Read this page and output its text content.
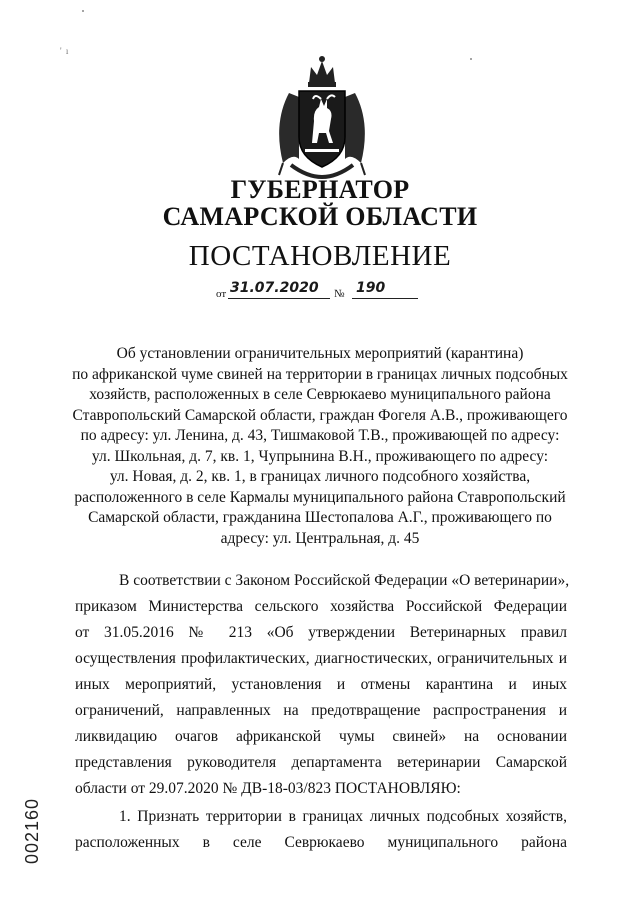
' ı
ГУБЕРНАТОР
САМАРСКОЙ ОБЛАСТИ
ПОСТАНОВЛЕНИЕ
от 31.07.2020 № 190
Об установлении ограничительных мероприятий (карантина)
по африканской чуме свиней на территории в границах личных подсобных
хозяйств, расположенных в селе Севрюкаево муниципального района
Ставропольский Самарской области, граждан Фогеля А.В., проживающего
по адресу: ул. Ленина, д. 43, Тишмаковой Т.В., проживающей по адресу:
ул. Школьная, д. 7, кв. 1, Чупрынина В.Н., проживающего по адресу:
ул. Новая, д. 2, кв. 1, в границах личного подсобного хозяйства,
расположенного в селе Кармалы муниципального района Ставропольский
Самарской области, гражданина Шестопалова А.Г., проживающего по
адресу: ул. Центральная, д. 45
В соответствии с Законом Российской Федерации «О ветеринарии»,
приказом Министерства сельского хозяйства Российской Федерации
от 31.05.2016 № 213 «Об утверждении Ветеринарных правил
осуществления профилактических, диагностических, ограничительных и
иных мероприятий, установления и отмены карантина и иных
ограничений, направленных на предотвращение распространения и
ликвидацию очагов африканской чумы свиней» на основании
представления руководителя департамента ветеринарии Самарской
области от 29.07.2020 № ДВ-18-03/823 ПОСТАНОВЛЯЮ:
1. Признать территории в границах личных подсобных хозяйств,
расположенных в селе Севрюкаево муниципального района
002160
